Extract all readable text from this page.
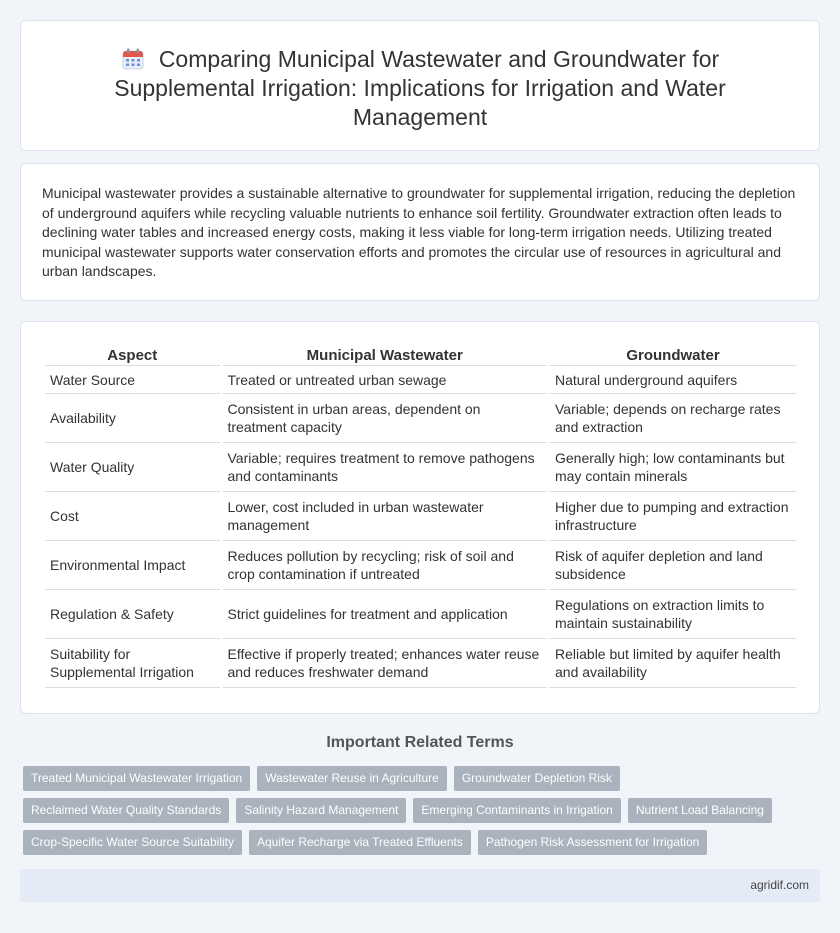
Comparing Municipal Wastewater and Groundwater for Supplemental Irrigation: Implications for Irrigation and Water Management

Municipal wastewater provides a sustainable alternative to groundwater for supplemental irrigation, reducing the depletion of underground aquifers while recycling valuable nutrients to enhance soil fertility. Groundwater extraction often leads to declining water tables and increased energy costs, making it less viable for long-term irrigation needs. Utilizing treated municipal wastewater supports water conservation efforts and promotes the circular use of resources in agricultural and urban landscapes.

Aspect	Municipal Wastewater	Groundwater
Water Source	Treated or untreated urban sewage	Natural underground aquifers
Availability	Consistent in urban areas, dependent on treatment capacity	Variable; depends on recharge rates and extraction
Water Quality	Variable; requires treatment to remove pathogens and contaminants	Generally high; low contaminants but may contain minerals
Cost	Lower, cost included in urban wastewater management	Higher due to pumping and extraction infrastructure
Environmental Impact	Reduces pollution by recycling; risk of soil and crop contamination if untreated	Risk of aquifer depletion and land subsidence
Regulation & Safety	Strict guidelines for treatment and application	Regulations on extraction limits to maintain sustainability
Suitability for Supplemental Irrigation	Effective if properly treated; enhances water reuse and reduces freshwater demand	Reliable but limited by aquifer health and availability
Important Related Terms
Treated Municipal Wastewater Irrigation	Wastewater Reuse in Agriculture	Groundwater Depletion Risk
Reclaimed Water Quality Standards	Salinity Hazard Management	Emerging Contaminants in Irrigation	Nutrient Load Balancing
Crop-Specific Water Source Suitability	Aquifer Recharge via Treated Effluents	Pathogen Risk Assessment for Irrigation
agridif.com
